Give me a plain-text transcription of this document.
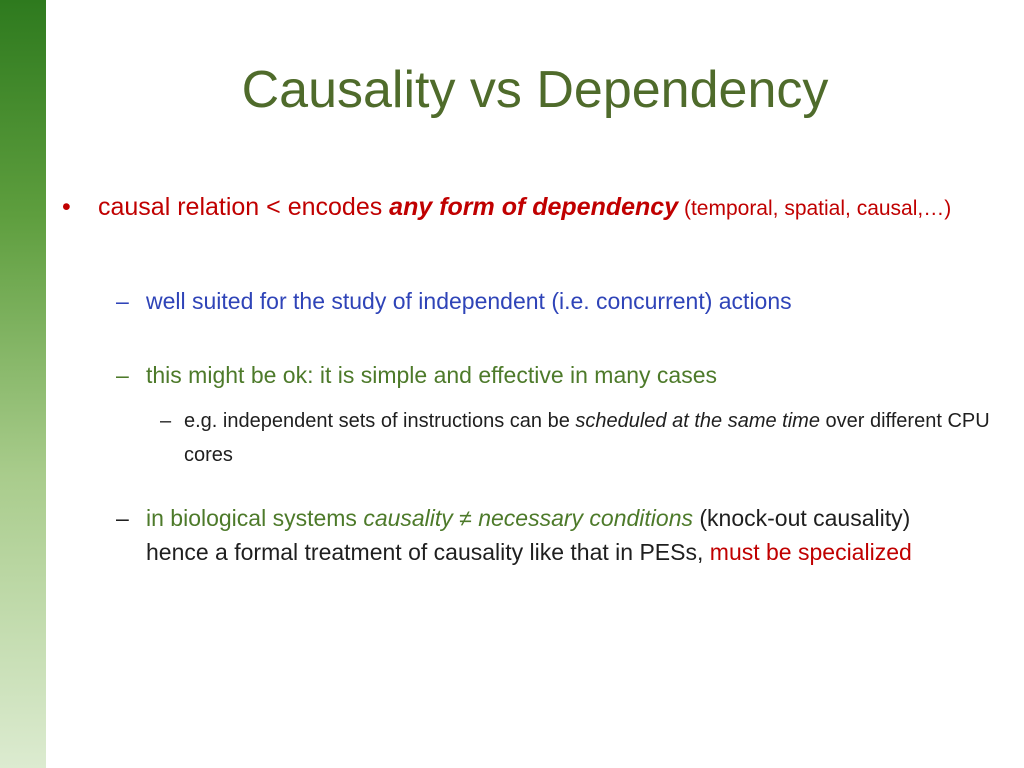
Causality vs Dependency
•	causal relation < encodes any form of dependency (temporal, spatial, causal,…)
– well suited for the study of independent (i.e. concurrent) actions
– this might be ok: it is simple and effective in many cases
– e.g. independent sets of instructions can be scheduled at the same time over different CPU cores
– in biological systems causality ≠ necessary conditions (knock-out causality) hence a formal treatment of causality like that in PESs, must be specialized
